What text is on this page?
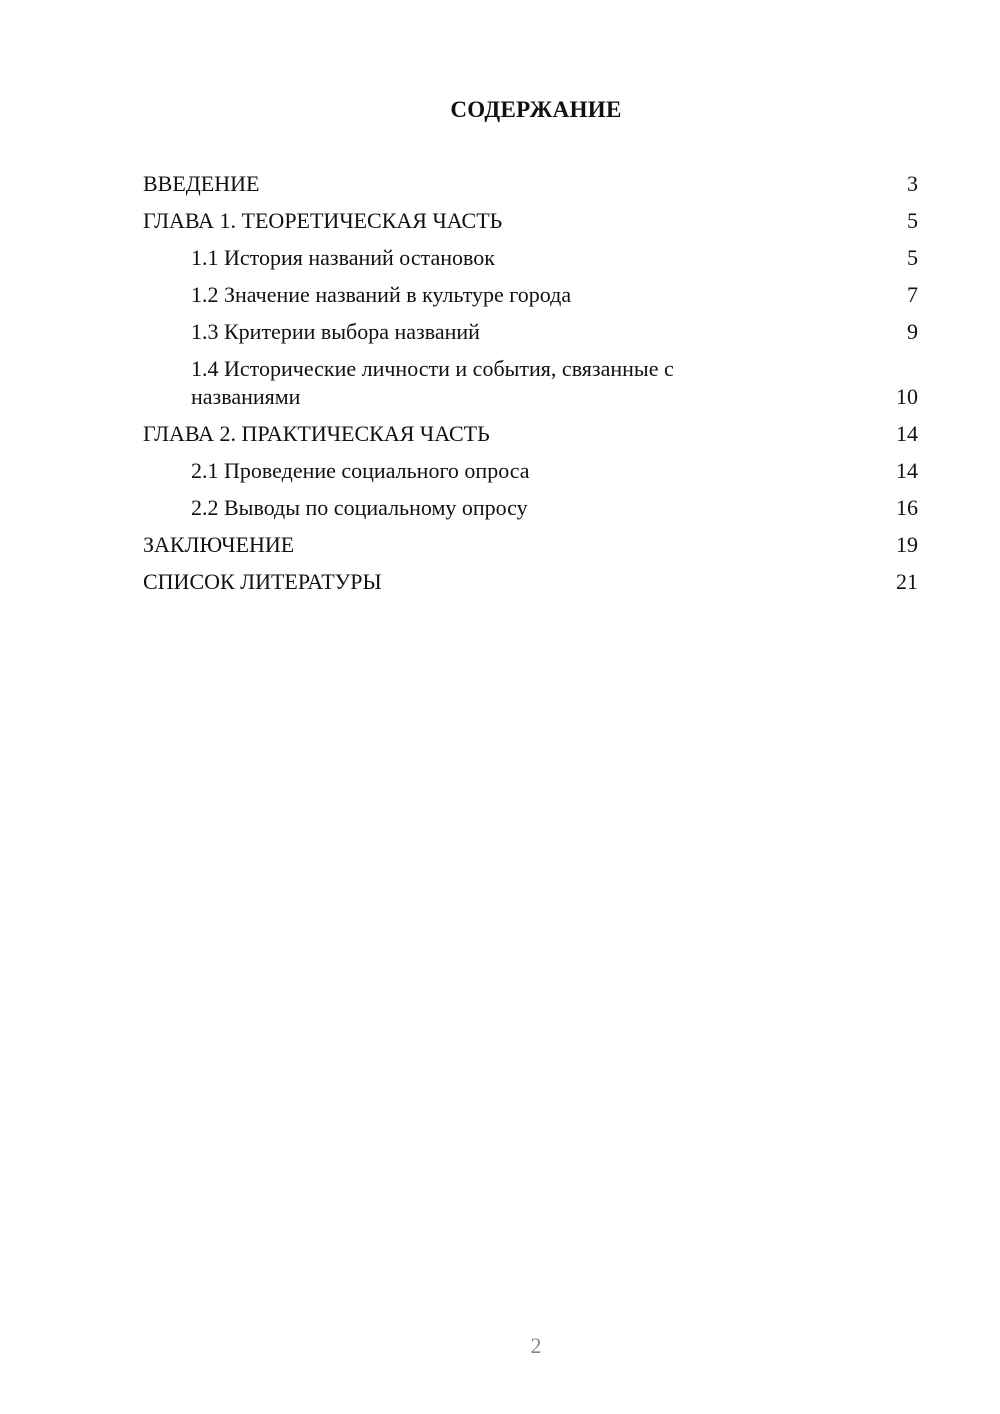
СОДЕРЖАНИЕ
ВВЕДЕНИЕ	3
ГЛАВА 1. ТЕОРЕТИЧЕСКАЯ ЧАСТЬ	5
1.1 История названий остановок	5
1.2 Значение названий в культуре города	7
1.3 Критерии выбора названий	9
1.4 Исторические личности и события, связанные с названиями	10
ГЛАВА 2. ПРАКТИЧЕСКАЯ ЧАСТЬ	14
2.1 Проведение социального опроса	14
2.2 Выводы по социальному опросу	16
ЗАКЛЮЧЕНИЕ	19
СПИСОК ЛИТЕРАТУРЫ	21
2
